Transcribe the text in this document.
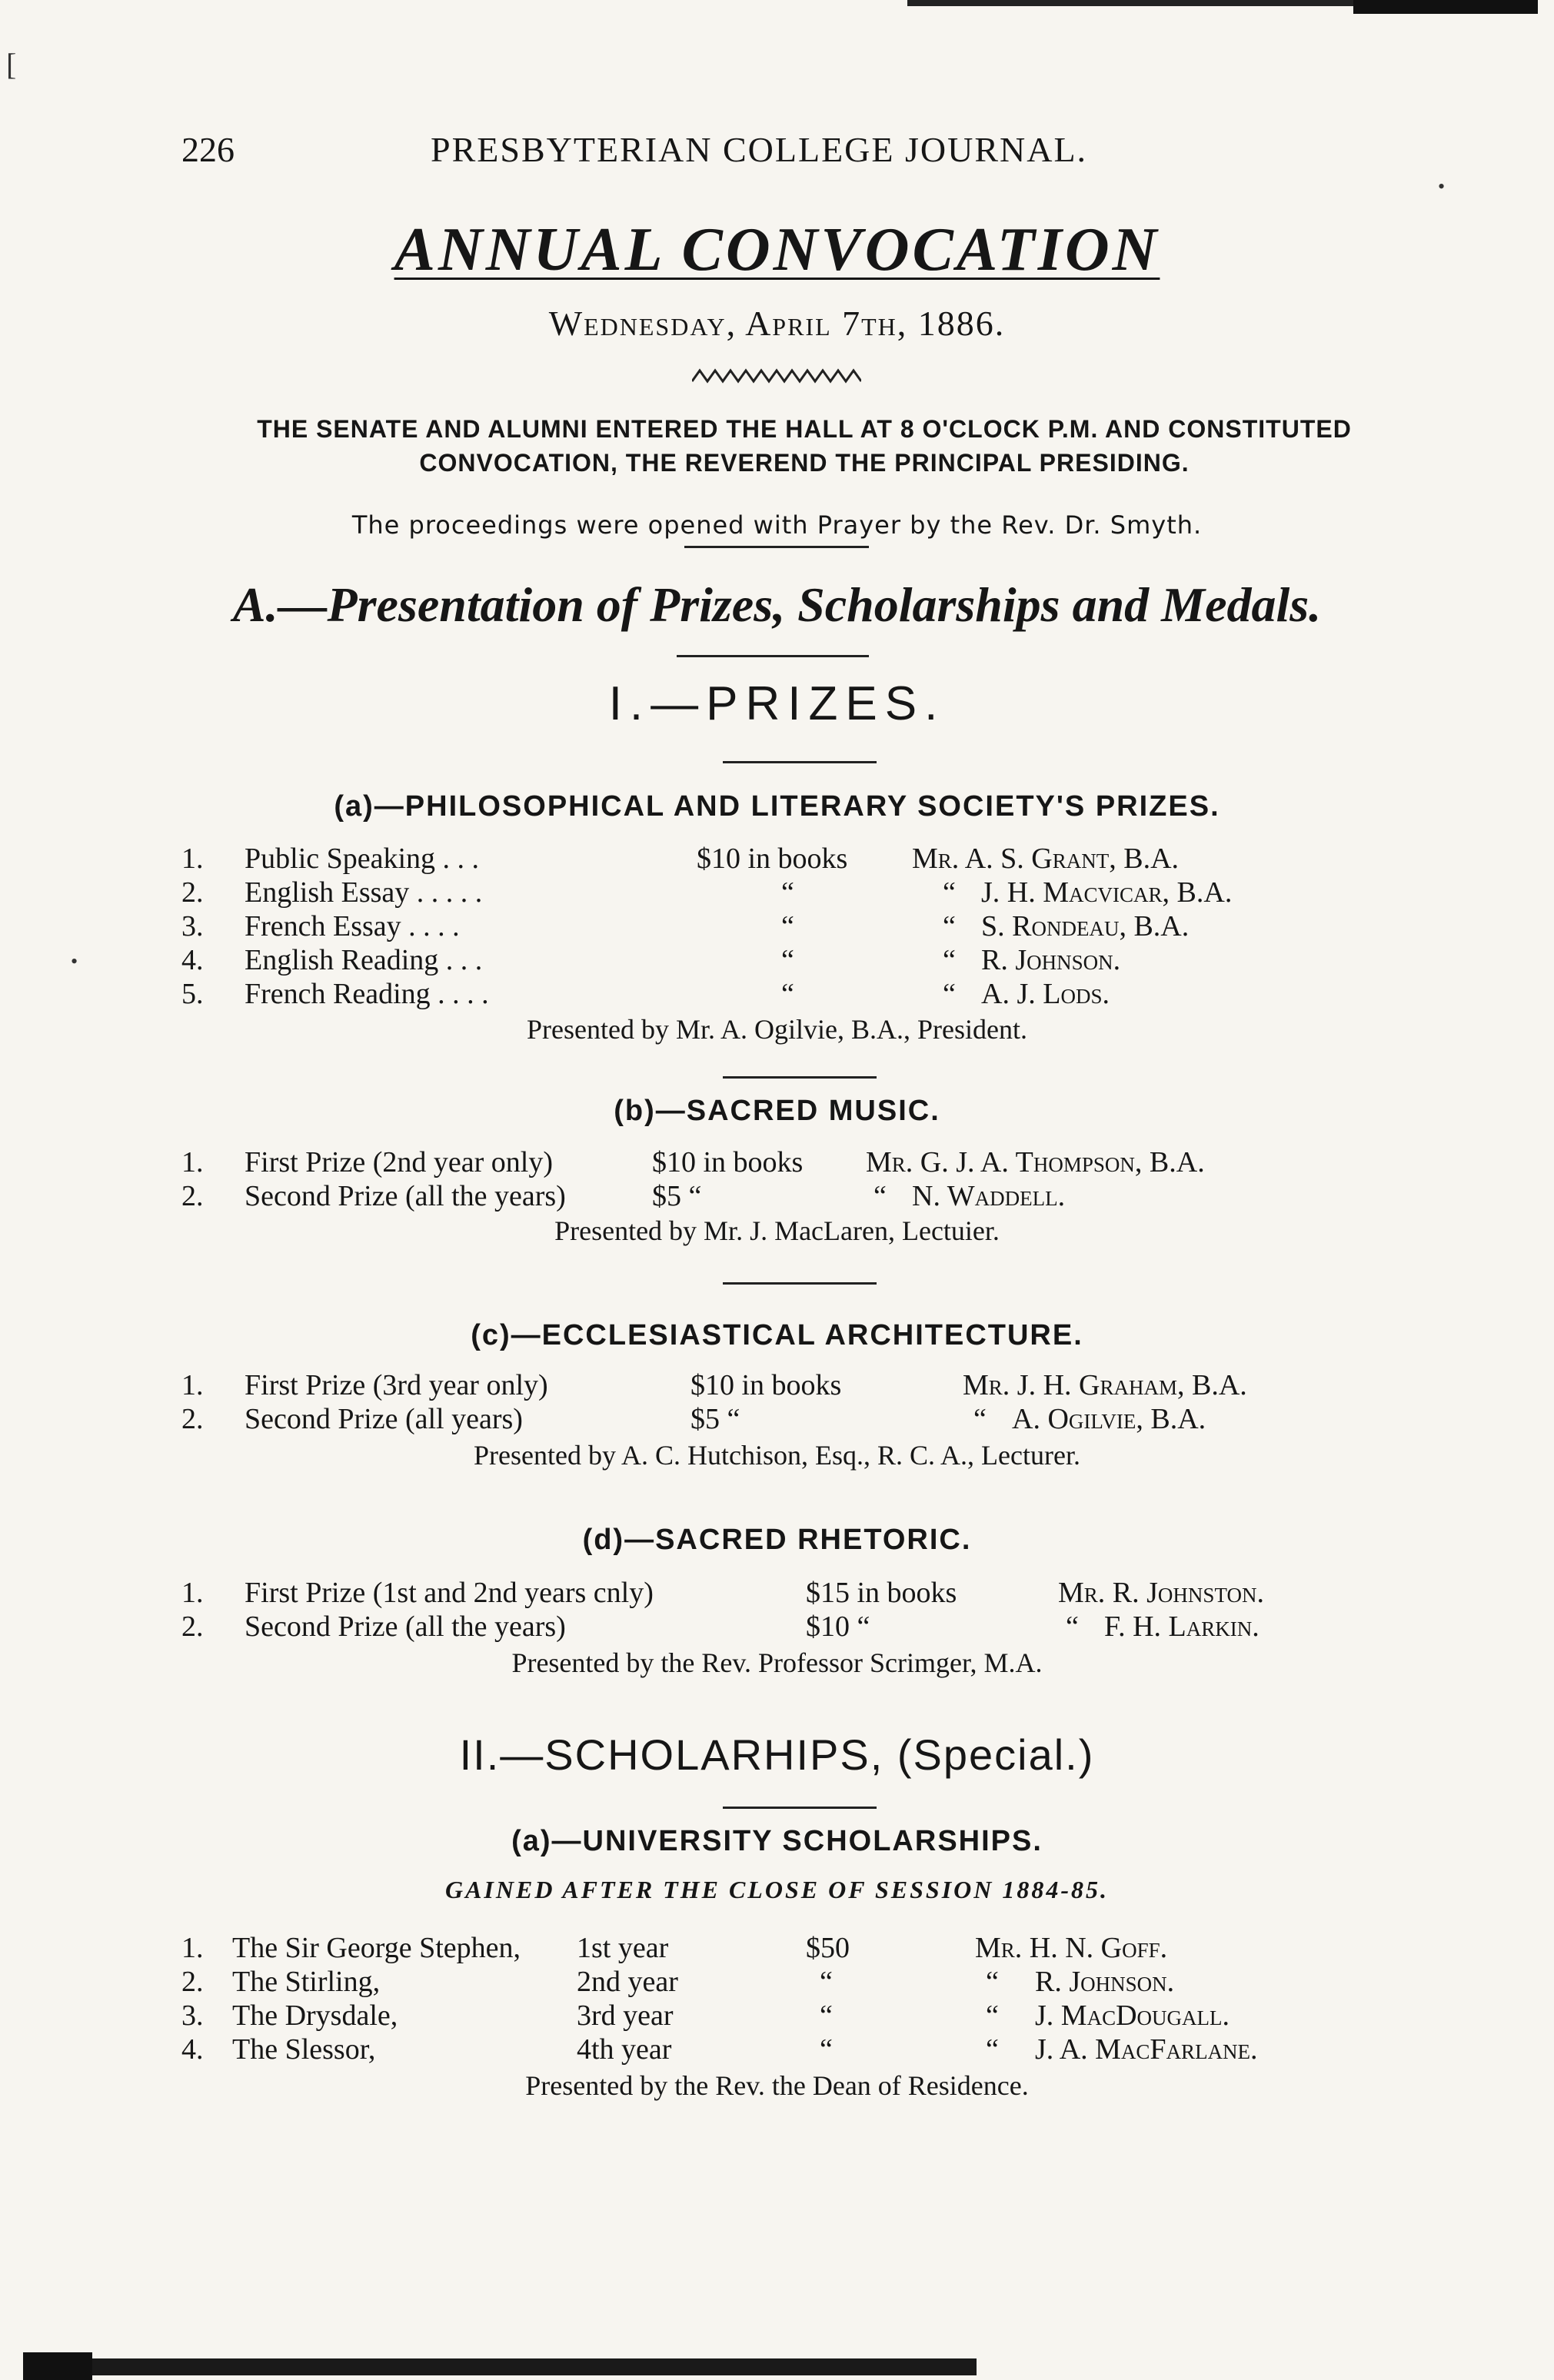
[
•
•
226	PRESBYTERIAN COLLEGE JOURNAL.
ANNUAL CONVOCATION
Wednesday, April 7th, 1886.
THE SENATE AND ALUMNI ENTERED THE HALL AT 8 O'CLOCK P.M. AND CONSTITUTED CONVOCATION, THE REVEREND THE PRINCIPAL PRESIDING.
The proceedings were opened with Prayer by the Rev. Dr. Smyth.
A.—Presentation of Prizes, Scholarships and Medals.
I.—PRIZES.
(a)—PHILOSOPHICAL AND LITERARY SOCIETY'S PRIZES.
1. Public Speaking . . .	$10 in books Mr. A. S. Grant, B.A.
2. English Essay . . . . .	“	“ J. H. Macvicar, B.A.
3. French Essay . . . .	“	“ S. Rondeau, B.A.
4. English Reading . . .	“	“ R. Johnson.
5. French Reading . . . .	“	“ A. J. Lods.
Presented by Mr. A. Ogilvie, B.A., President.
(b)—SACRED MUSIC.
1. First Prize (2nd year only)	$10 in books Mr. G. J. A. Thompson, B.A.
2. Second Prize (all the years)	$5 “	“ N. Waddell.
Presented by Mr. J. MacLaren, Lectuier.
(c)—ECCLESIASTICAL ARCHITECTURE.
1. First Prize (3rd year only)	$10 in books	Mr. J. H. Graham, B.A.
2. Second Prize (all years)	$5 “	“ A. Ogilvie, B.A.
Presented by A. C. Hutchison, Esq., R. C. A., Lecturer.
(d)—SACRED RHETORIC.
1. First Prize (1st and 2nd years cnly)	$15 in books	Mr. R. Johnston.
2. Second Prize (all the years)	$10 “	“ F. H. Larkin.
Presented by the Rev. Professor Scrimger, M.A.
II.—SCHOLARHIPS, (Special.)
(a)—UNIVERSITY SCHOLARSHIPS.
GAINED AFTER THE CLOSE OF SESSION 1884-85.
1. The Sir George Stephen, 1st year	$50	Mr. H. N. Goff.
2. The Stirling,	2nd year	“	“ R. Johnson.
3. The Drysdale,	3rd year	“	“ J. MacDougall.
4. The Slessor,	4th year	“	“ J. A. MacFarlane.
Presented by the Rev. the Dean of Residence.
